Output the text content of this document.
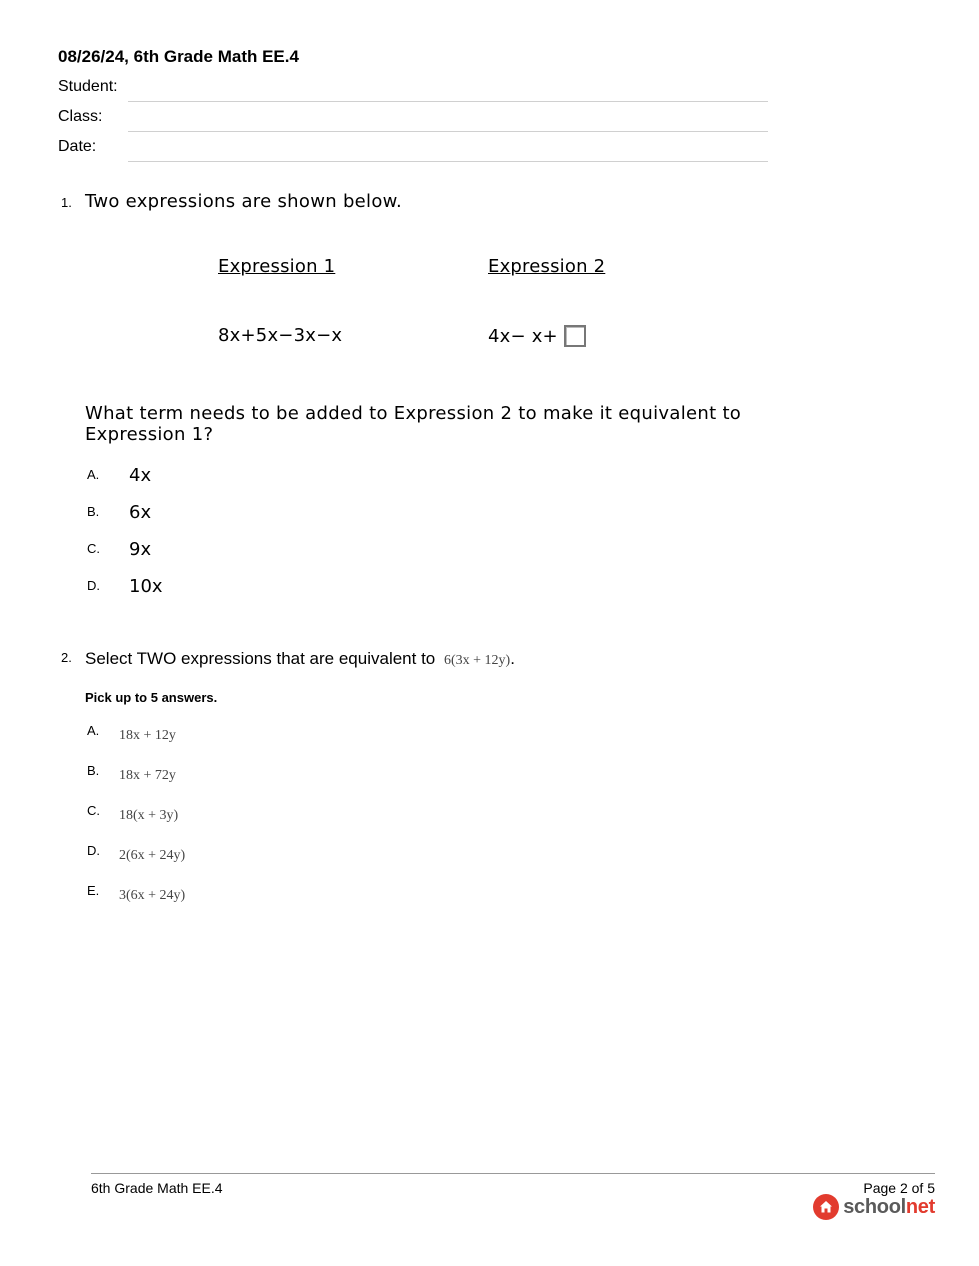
08/26/24, 6th Grade Math EE.4
Student:
Class:
Date:
1. Two expressions are shown below.
Expression 1	Expression 2
8x+5x−3x−x	4x− x+
What term needs to be added to Expression 2 to make it equivalent to Expression 1?
A. 4x
B. 6x
C. 9x
D. 10x
2. Select TWO expressions that are equivalent to 6(3x + 12y).
Pick up to 5 answers.
A. 18x + 12y
B. 18x + 72y
C. 18(x + 3y)
D. 2(6x + 24y)
E. 3(6x + 24y)
6th Grade Math EE.4	Page 2 of 5
schoolnet
